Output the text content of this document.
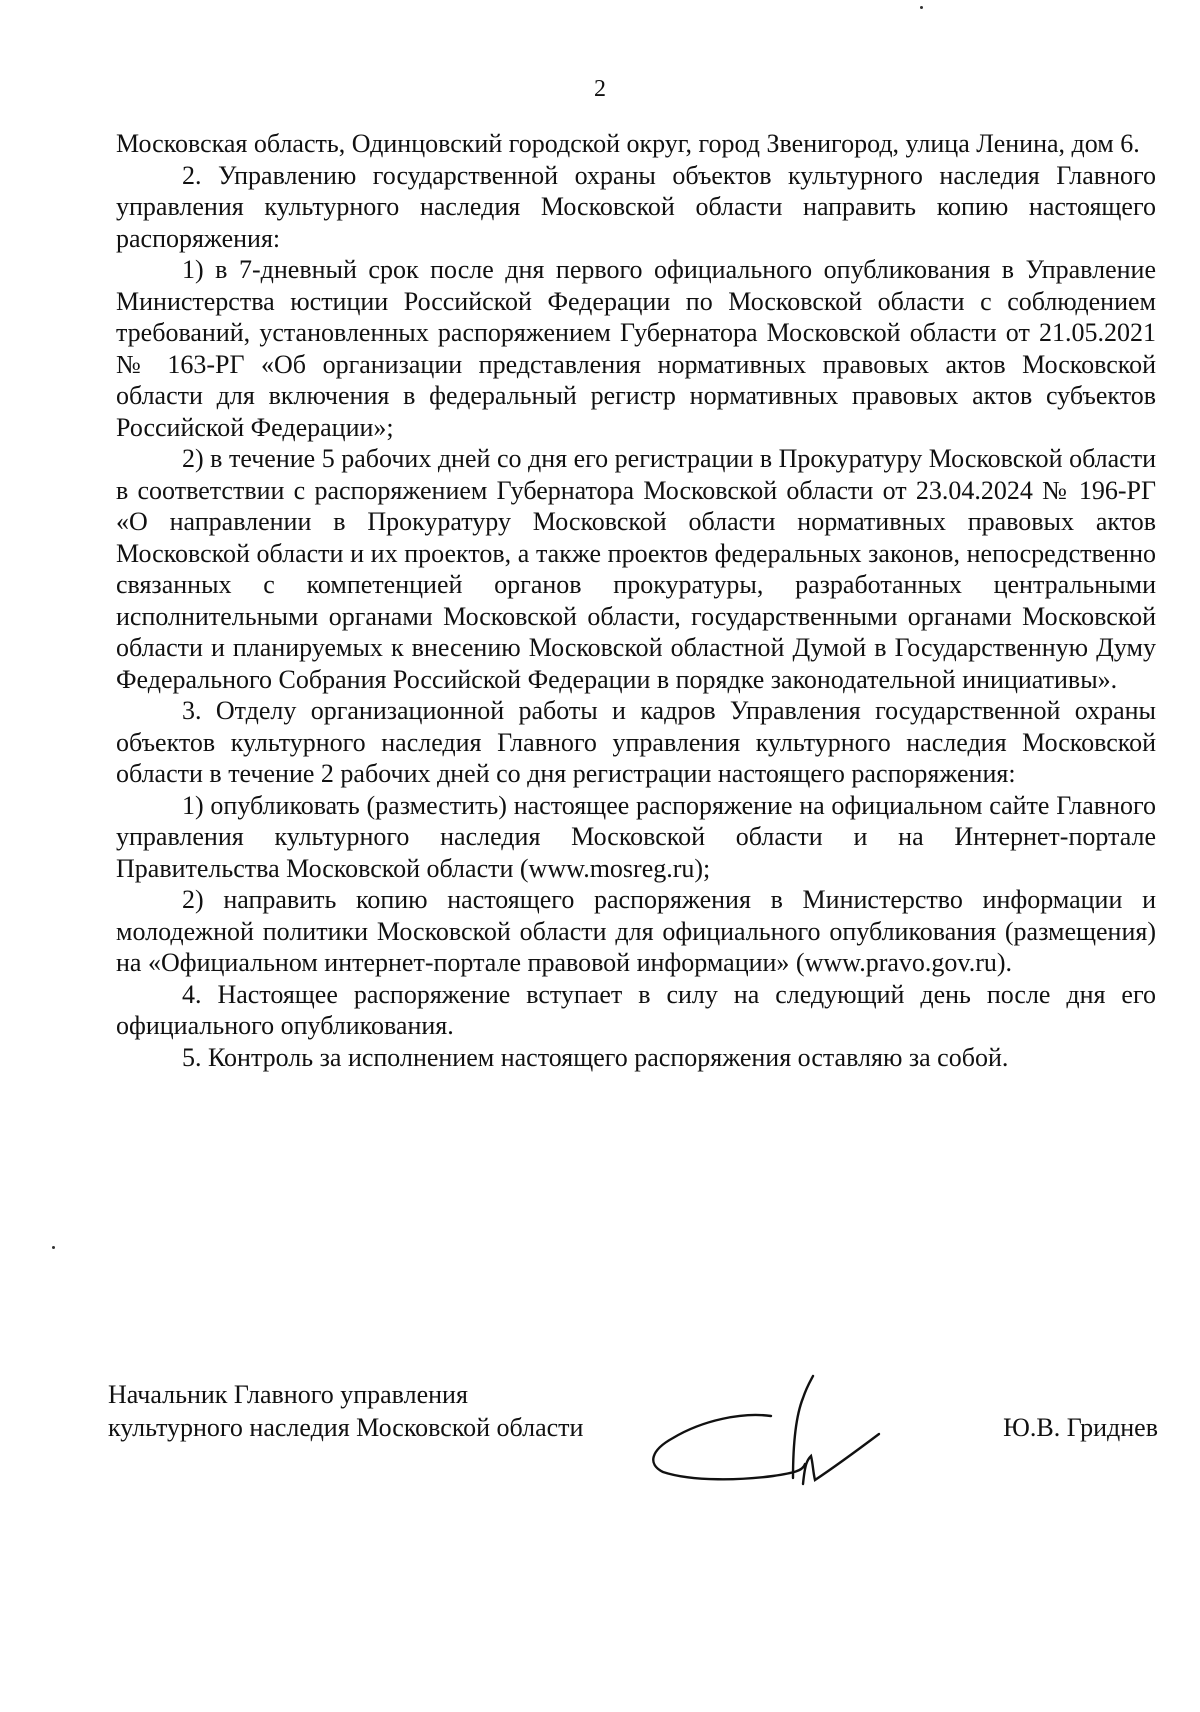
2

Московская область, Одинцовский городской округ, город Звенигород, улица Ленина, дом 6.

2. Управлению государственной охраны объектов культурного наследия Главного управления культурного наследия Московской области направить копию настоящего распоряжения:

1) в 7-дневный срок после дня первого официального опубликования в Управление Министерства юстиции Российской Федерации по Московской области с соблюдением требований, установленных распоряжением Губернатора Московской области от 21.05.2021 № 163-РГ «Об организации представления нормативных правовых актов Московской области для включения в федеральный регистр нормативных правовых актов субъектов Российской Федерации»;

2) в течение 5 рабочих дней со дня его регистрации в Прокуратуру Московской области в соответствии с распоряжением Губернатора Московской области от 23.04.2024 № 196-РГ «О направлении в Прокуратуру Московской области нормативных правовых актов Московской области и их проектов, а также проектов федеральных законов, непосредственно связанных с компетенцией органов прокуратуры, разработанных центральными исполнительными органами Московской области, государственными органами Московской области и планируемых к внесению Московской областной Думой в Государственную Думу Федерального Собрания Российской Федерации в порядке законодательной инициативы».

3. Отделу организационной работы и кадров Управления государственной охраны объектов культурного наследия Главного управления культурного наследия Московской области в течение 2 рабочих дней со дня регистрации настоящего распоряжения:

1) опубликовать (разместить) настоящее распоряжение на официальном сайте Главного управления культурного наследия Московской области и на Интернет-портале Правительства Московской области (www.mosreg.ru);

2) направить копию настоящего распоряжения в Министерство информации и молодежной политики Московской области для официального опубликования (размещения) на «Официальном интернет-портале правовой информации» (www.pravo.gov.ru).

4. Настоящее распоряжение вступает в силу на следующий день после дня его официального опубликования.

5. Контроль за исполнением настоящего распоряжения оставляю за собой.

Начальник Главного управления
культурного наследия Московской области	Ю.В. Гриднев
